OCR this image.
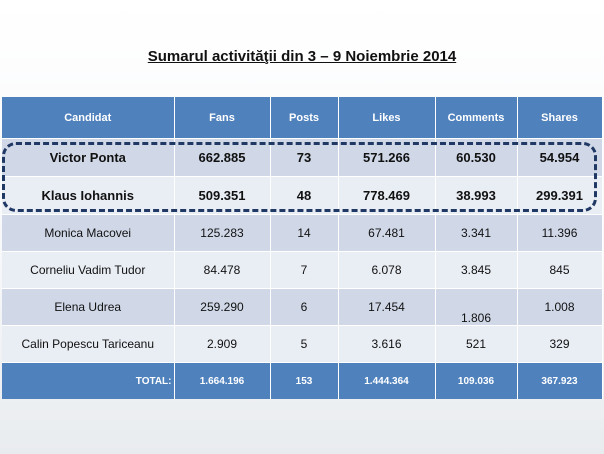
Sumarul activităţii din 3 – 9 Noiembrie 2014
Candidat	Fans	Posts	Likes	Comments	Shares
Victor Ponta	662.885	73	571.266	60.530	54.954
Klaus Iohannis	509.351	48	778.469	38.993	299.391
Monica Macovei	125.283	14	67.481	3.341	11.396
Corneliu Vadim Tudor	84.478	7	6.078	3.845	845
Elena Udrea	259.290	6	17.454	1.806	1.008
Calin Popescu Tariceanu	2.909	5	3.616	521	329
TOTAL:	1.664.196	153	1.444.364	109.036	367.923
